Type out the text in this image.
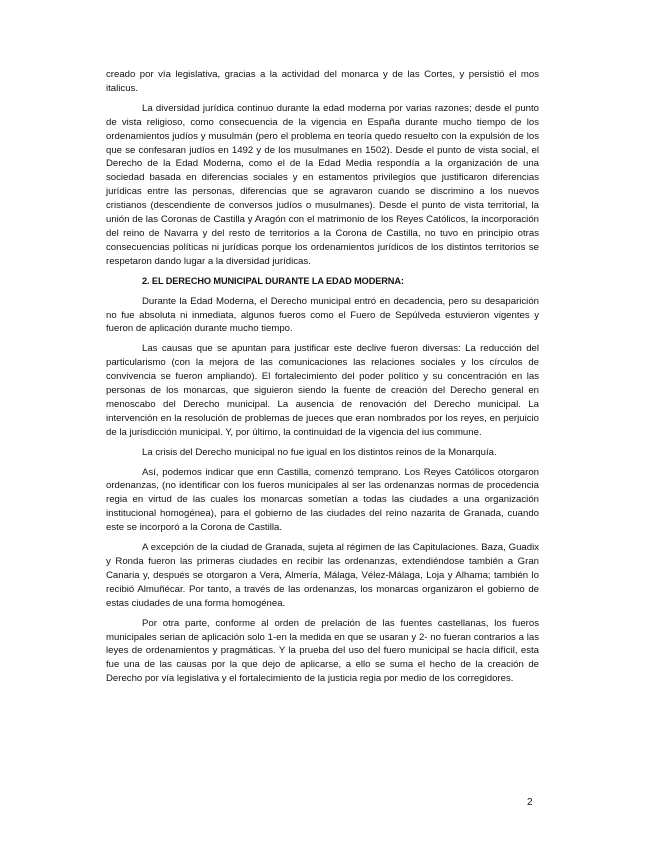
creado por vía legislativa, gracias a la actividad del monarca y de las Cortes, y persistió el mos italicus.

La diversidad jurídica continuo durante la edad moderna por varias razones; desde el punto de vista religioso, como consecuencia de la vigencia en España durante mucho tiempo de los ordenamientos judíos y musulmán (pero el problema en teoría quedo resuelto con la expulsión de los que se confesaran judíos en 1492 y de los musulmanes en 1502). Desde el punto de vista social, el Derecho de la Edad Moderna, como el de la Edad Media respondía a la organización de una sociedad basada en diferencias sociales y en estamentos privilegios que justificaron diferencias jurídicas entre las personas, diferencias que se agravaron cuando se discrimino a los nuevos cristianos (descendiente de conversos judíos o musulmanes). Desde el punto de vista territorial, la unión de las Coronas de Castilla y Aragón con el matrimonio de los Reyes Católicos, la incorporación del reino de Navarra y del resto de territorios a la Corona de Castilla, no tuvo en principio otras consecuencias políticas ni jurídicas porque los ordenamientos jurídicos de los distintos territorios se respetaron dando lugar a la diversidad jurídicas.

2. EL DERECHO MUNICIPAL DURANTE LA EDAD MODERNA:

Durante la Edad Moderna, el Derecho municipal entró en decadencia, pero su desaparición no fue absoluta ni inmediata, algunos fueros como el Fuero de Sepúlveda estuvieron vigentes y fueron de aplicación durante mucho tiempo.

Las causas que se apuntan para justificar este declive fueron diversas: La reducción del particularismo (con la mejora de las comunicaciones las relaciones sociales y los círculos de convivencia se fueron ampliando). El fortalecimiento del poder político y su concentración en las personas de los monarcas, que siguieron siendo la fuente de creación del Derecho general en menoscabo del Derecho municipal. La ausencia de renovación del Derecho municipal. La intervención en la resolución de problemas de jueces que eran nombrados por los reyes, en perjuicio de la jurisdicción municipal. Y, por último, la continuidad de la vigencia del ius commune.

La crisis del Derecho municipal no fue igual en los distintos reinos de la Monarquía.

Así, podemos indicar que enn Castilla, comenzó temprano. Los Reyes Católicos otorgaron ordenanzas, (no identificar con los fueros municipales al ser las ordenanzas normas de procedencia regia en virtud de las cuales los monarcas sometían a todas las ciudades a una organización institucional homogénea), para el gobierno de las ciudades del reino nazarita de Granada, cuando este se incorporó a la Corona de Castilla.

A excepción de la ciudad de Granada, sujeta al régimen de las Capitulaciones. Baza, Guadix y Ronda fueron las primeras ciudades en recibir las ordenanzas, extendiéndose también a Gran Canaria y, después se otorgaron a Vera, Almería, Málaga, Vélez-Málaga, Loja y Alhama; también lo recibió Almuñécar. Por tanto, a través de las ordenanzas, los monarcas organizaron el gobierno de estas ciudades de una forma homogénea.

Por otra parte, conforme al orden de prelación de las fuentes castellanas, los fueros municipales serian de aplicación solo 1-en la medida en que se usaran y 2- no fueran contrarios a las leyes de ordenamientos y pragmáticas. Y la prueba del uso del fuero municipal se hacía difícil, esta fue una de las causas por la que dejo de aplicarse, a ello se suma el hecho de la creación de Derecho por vía legislativa y el fortalecimiento de la justicia regia por medio de los corregidores.

2
